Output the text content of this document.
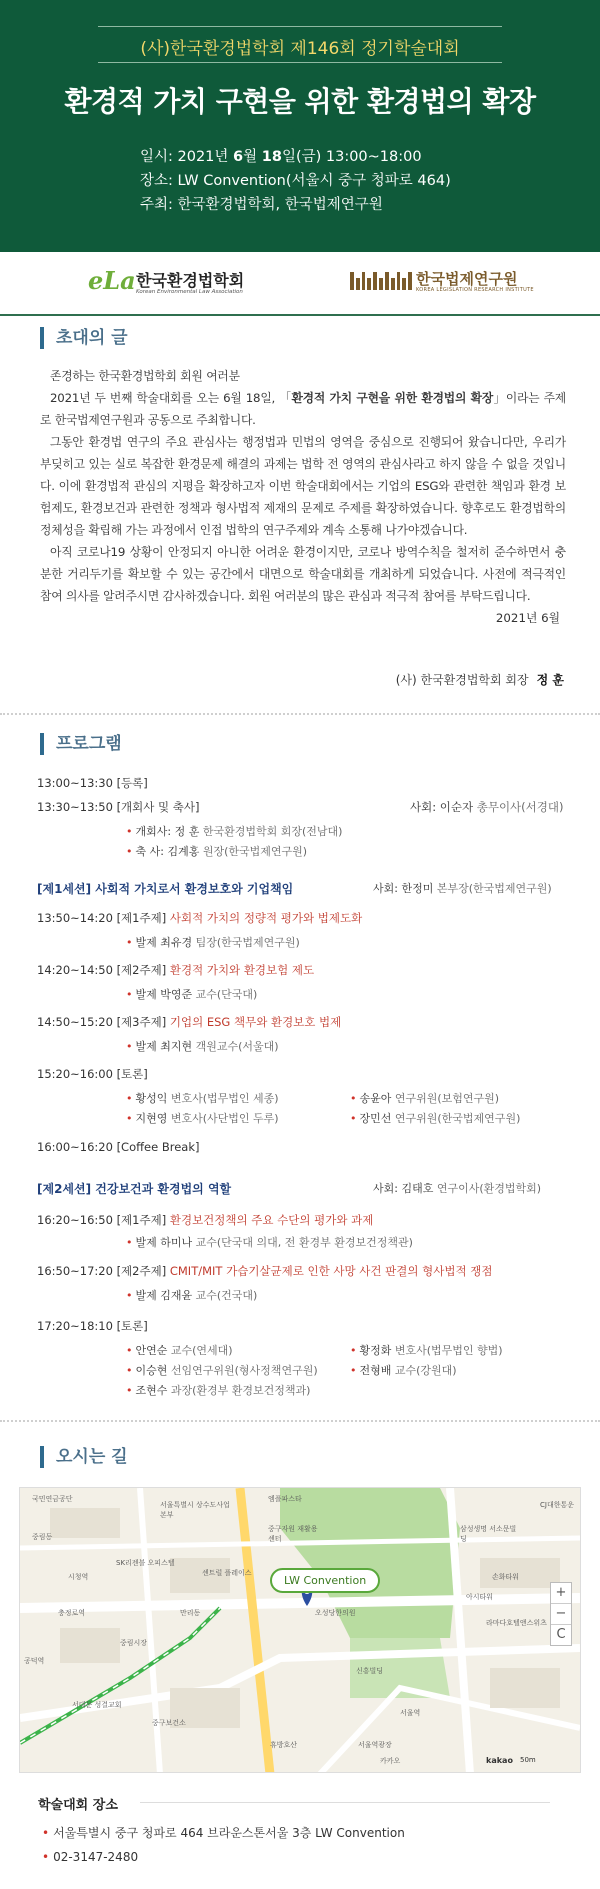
(사)한국환경법학회 제146회 정기학술대회
환경적 가치 구현을 위한 환경법의 확장
일시: 2021년 6월 18일(금) 13:00~18:00
장소: LW Convention(서울시 중구 청파로 464)
주최: 한국환경법학회, 한국법제연구원
eLa 한국환경법학회
Korean Environmental Law Association
한국법제연구원
KOREA LEGISLATION RESEARCH INSTITUTE
초대의 글

존경하는 한국환경법학회 회원 여러분

2021년 두 번째 학술대회를 오는 6월 18일, 「환경적 가치 구현을 위한 환경법의 확장」이라는 주제로 한국법제연구원과 공동으로 주최합니다.

그동안 환경법 연구의 주요 관심사는 행정법과 민법의 영역을 중심으로 진행되어 왔습니다만, 우리가 부딪히고 있는 실로 복잡한 환경문제 해결의 과제는 법학 전 영역의 관심사라고 하지 않을 수 없을 것입니다. 이에 환경법적 관심의 지평을 확장하고자 이번 학술대회에서는 기업의 ESG와 관련한 책임과 환경 보험제도, 환경보건과 관련한 정책과 형사법적 제재의 문제로 주제를 확장하였습니다. 향후로도 환경법학의 정체성을 확립해 가는 과정에서 인접 법학의 연구주제와 계속 소통해 나가야겠습니다.

아직 코로나19 상황이 안정되지 아니한 어려운 환경이지만, 코로나 방역수칙을 철저히 준수하면서 충분한 거리두기를 확보할 수 있는 공간에서 대면으로 학술대회를 개최하게 되었습니다. 사전에 적극적인 참여 의사를 알려주시면 감사하겠습니다. 회원 여러분의 많은 관심과 적극적 참여를 부탁드립니다.

2021년 6월
(사) 한국환경법학회 회장 정 훈
프로그램
13:00~13:30 [등록]
13:30~13:50 [개회사 및 축사]	사회: 이순자 총무이사(서경대)
• 개회사: 정 훈 한국환경법학회 회장(전남대)
• 축 사: 김계홍 원장(한국법제연구원)
[제1세션] 사회적 가치로서 환경보호와 기업책임	사회: 한정미 본부장(한국법제연구원)
13:50~14:20 [제1주제] 사회적 가치의 정량적 평가와 법제도화
• 발제 최유경 팀장(한국법제연구원)
14:20~14:50 [제2주제] 환경적 가치와 환경보험 제도
• 발제 박영준 교수(단국대)
14:50~15:20 [제3주제] 기업의 ESG 책무와 환경보호 법제
• 발제 최지현 객원교수(서울대)
15:20~16:00 [토론]
• 황성익 변호사(법무법인 세종)	• 송윤아 연구위원(보험연구원)
• 지현영 변호사(사단법인 두루)	• 장민선 연구위원(한국법제연구원)
16:00~16:20 [Coffee Break]
[제2세션] 건강보건과 환경법의 역할	사회: 김태호 연구이사(환경법학회)
16:20~16:50 [제1주제] 환경보건정책의 주요 수단의 평가와 과제
• 발제 하미나 교수(단국대 의대, 전 환경부 환경보건정책관)
16:50~17:20 [제2주제] CMIT/MIT 가습기살균제로 인한 사망 사건 판결의 형사법적 쟁점
• 발제 김재윤 교수(건국대)
17:20~18:10 [토론]
• 안연순 교수(연세대)	• 황정화 변호사(법무법인 향법)
• 이승현 선임연구위원(형사정책연구원)	• 전형배 교수(강원대)
• 조현수 과장(환경부 환경보건정책과)
오시는 길
엠플파스타
국민연금공단
중림동
서울특별시 상수도사업본부
중구자원 재활용센터
삼성생명 서소문빌딩
CJ대한통운
SK리젠블 오피스텔
손화타워
센트럴 플레이스
시청역
서울역
만리동	오성당한의원
아시타워
충정로역
공덕역
신흥빌딩
중림시장
서대문 성결교회
중구보건소
휴방호산	서울역광장
라마다호텔앤스위츠
카카오
LW Convention
+
−
C
kakao 50m
학술대회 장소
• 서울특별시 중구 청파로 464 브라운스톤서울 3층 LW Convention
• 02-3147-2480
